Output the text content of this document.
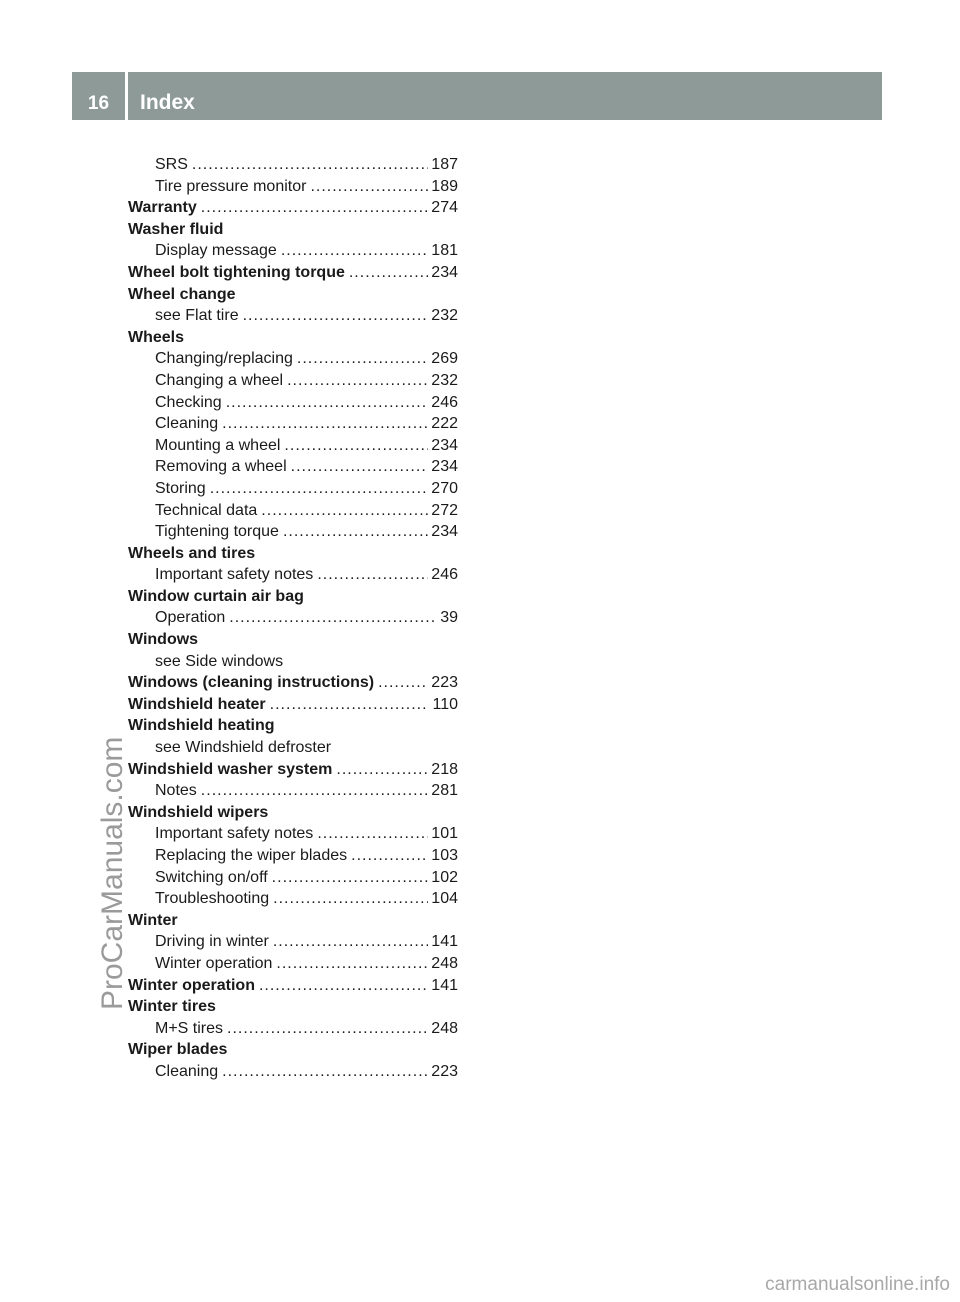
16	Index
SRS .....	187
Tire pressure monitor .....	189
Warranty .....	274
Washer fluid
Display message .....	181
Wheel bolt tightening torque .....	234
Wheel change
see Flat tire .....	232
Wheels
Changing/replacing .....	269
Changing a wheel .....	232
Checking .....	246
Cleaning .....	222
Mounting a wheel .....	234
Removing a wheel .....	234
Storing .....	270
Technical data .....	272
Tightening torque .....	234
Wheels and tires
Important safety notes .....	246
Window curtain air bag
Operation .....	39
Windows
see Side windows
Windows (cleaning instructions) .....	223
Windshield heater .....	110
Windshield heating
see Windshield defroster
Windshield washer system .....	218
Notes .....	281
Windshield wipers
Important safety notes .....	101
Replacing the wiper blades .....	103
Switching on/off .....	102
Troubleshooting .....	104
Winter
Driving in winter .....	141
Winter operation .....	248
Winter operation .....	141
Winter tires
M+S tires .....	248
Wiper blades
Cleaning .....	223
ProCarManuals.com
carmanualsonline.info
